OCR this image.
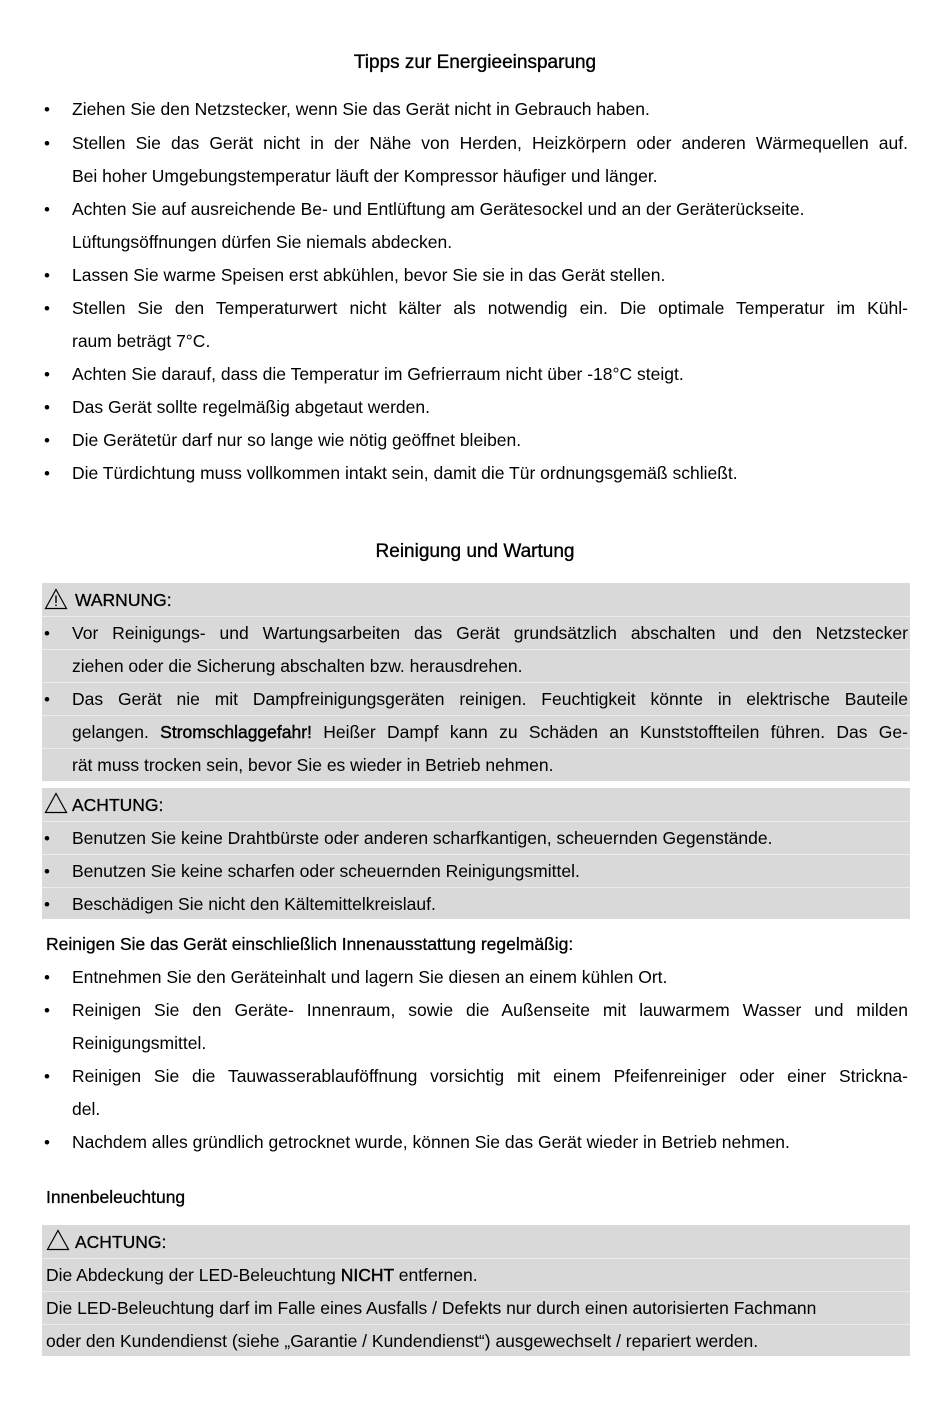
Tipps zur Energieeinsparung
•	Ziehen Sie den Netzstecker, wenn Sie das Gerät nicht in Gebrauch haben.
•	Stellen Sie das Gerät nicht in der Nähe von Herden, Heizkörpern oder anderen Wärmequellen auf.
Bei hoher Umgebungstemperatur läuft der Kompressor häufiger und länger.
•	Achten Sie auf ausreichende Be- und Entlüftung am Gerätesockel und an der Geräterückseite.
Lüftungsöffnungen dürfen Sie niemals abdecken.
•	Lassen Sie warme Speisen erst abkühlen, bevor Sie sie in das Gerät stellen.
•	Stellen Sie den Temperaturwert nicht kälter als notwendig ein. Die optimale Temperatur im Kühl-
raum beträgt 7°C.
•	Achten Sie darauf, dass die Temperatur im Gefrierraum nicht über -18°C steigt.
•	Das Gerät sollte regelmäßig abgetaut werden.
•	Die Gerätetür darf nur so lange wie nötig geöffnet bleiben.
•	Die Türdichtung muss vollkommen intakt sein, damit die Tür ordnungsgemäß schließt.
Reinigung und Wartung
WARNUNG:
•	Vor Reinigungs- und Wartungsarbeiten das Gerät grundsätzlich abschalten und den Netzstecker
ziehen oder die Sicherung abschalten bzw. herausdrehen.
•	Das Gerät nie mit Dampfreinigungsgeräten reinigen. Feuchtigkeit könnte in elektrische Bauteile
gelangen. Stromschlaggefahr! Heißer Dampf kann zu Schäden an Kunststoffteilen führen. Das Ge-
rät muss trocken sein, bevor Sie es wieder in Betrieb nehmen.
ACHTUNG:
•	Benutzen Sie keine Drahtbürste oder anderen scharfkantigen, scheuernden Gegenstände.
•	Benutzen Sie keine scharfen oder scheuernden Reinigungsmittel.
•	Beschädigen Sie nicht den Kältemittelkreislauf.
Reinigen Sie das Gerät einschließlich Innenausstattung regelmäßig:
•	Entnehmen Sie den Geräteinhalt und lagern Sie diesen an einem kühlen Ort.
•	Reinigen Sie den Geräte- Innenraum, sowie die Außenseite mit lauwarmem Wasser und milden
Reinigungsmittel.
•	Reinigen Sie die Tauwasserablauföffnung vorsichtig mit einem Pfeifenreiniger oder einer Strickna-
del.
•	Nachdem alles gründlich getrocknet wurde, können Sie das Gerät wieder in Betrieb nehmen.
Innenbeleuchtung
ACHTUNG:
Die Abdeckung der LED-Beleuchtung NICHT entfernen.
Die LED-Beleuchtung darf im Falle eines Ausfalls / Defekts nur durch einen autorisierten Fachmann
oder den Kundendienst (siehe „Garantie / Kundendienst“) ausgewechselt / repariert werden.
